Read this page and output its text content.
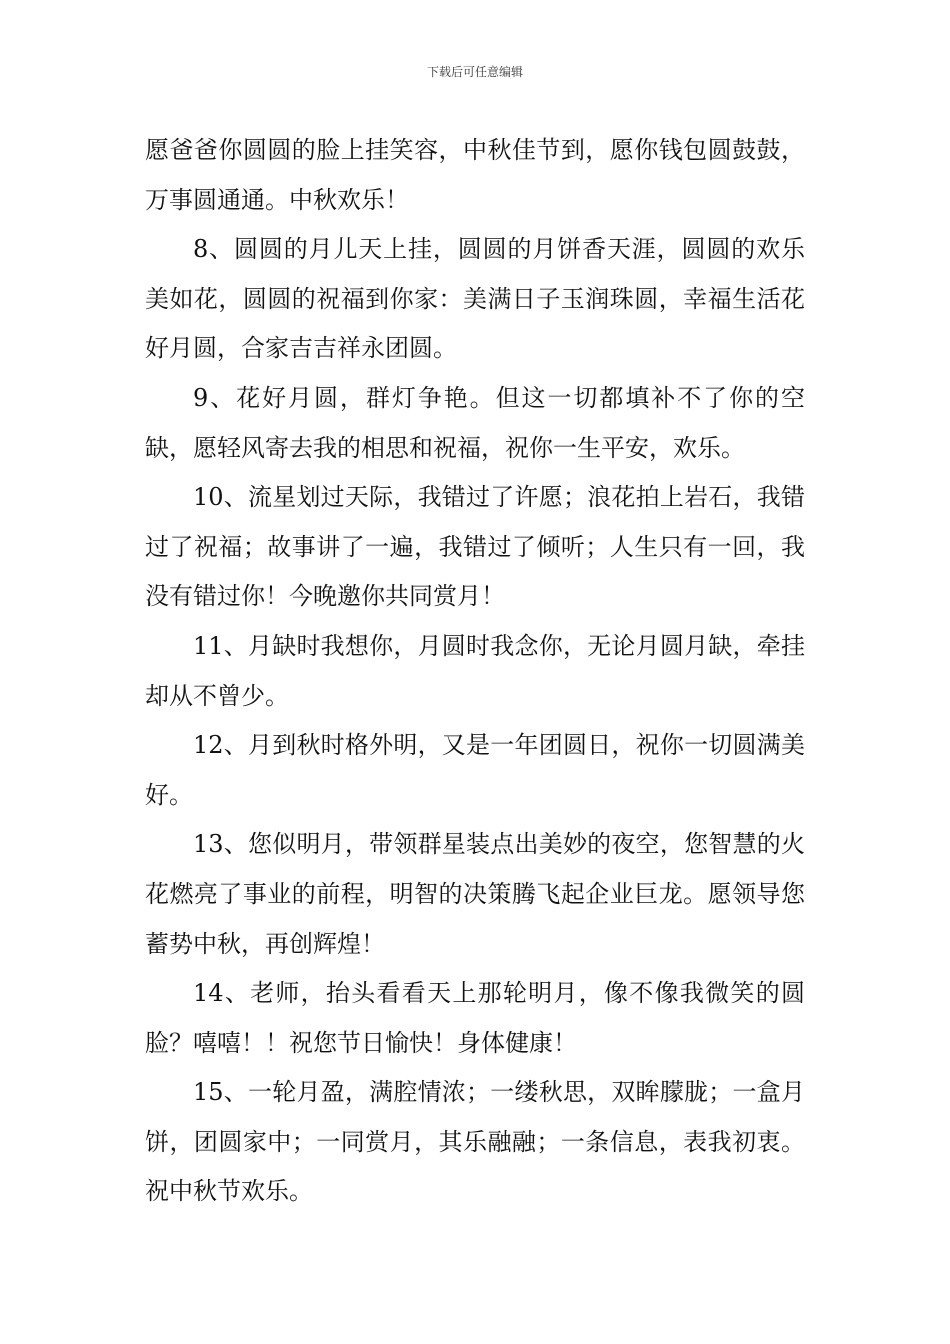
下载后可任意编辑

愿爸爸你圆圆的脸上挂笑容，中秋佳节到，愿你钱包圆鼓鼓，万事圆通通。中秋欢乐！

8、圆圆的月儿天上挂，圆圆的月饼香天涯，圆圆的欢乐美如花，圆圆的祝福到你家：美满日子玉润珠圆，幸福生活花好月圆，合家吉吉祥永团圆。

9、花好月圆，群灯争艳。但这一切都填补不了你的空缺，愿轻风寄去我的相思和祝福，祝你一生平安，欢乐。

10、流星划过天际，我错过了许愿；浪花拍上岩石，我错过了祝福；故事讲了一遍，我错过了倾听；人生只有一回，我没有错过你！今晚邀你共同赏月！

11、月缺时我想你，月圆时我念你，无论月圆月缺，牵挂却从不曾少。

12、月到秋时格外明，又是一年团圆日，祝你一切圆满美好。

13、您似明月，带领群星装点出美妙的夜空，您智慧的火花燃亮了事业的前程，明智的决策腾飞起企业巨龙。愿领导您蓄势中秋，再创辉煌！

14、老师，抬头看看天上那轮明月，像不像我微笑的圆脸？嘻嘻！！祝您节日愉快！身体健康！

15、一轮月盈，满腔情浓；一缕秋思，双眸朦胧；一盒月饼，团圆家中；一同赏月，其乐融融；一条信息，表我初衷。祝中秋节欢乐。
